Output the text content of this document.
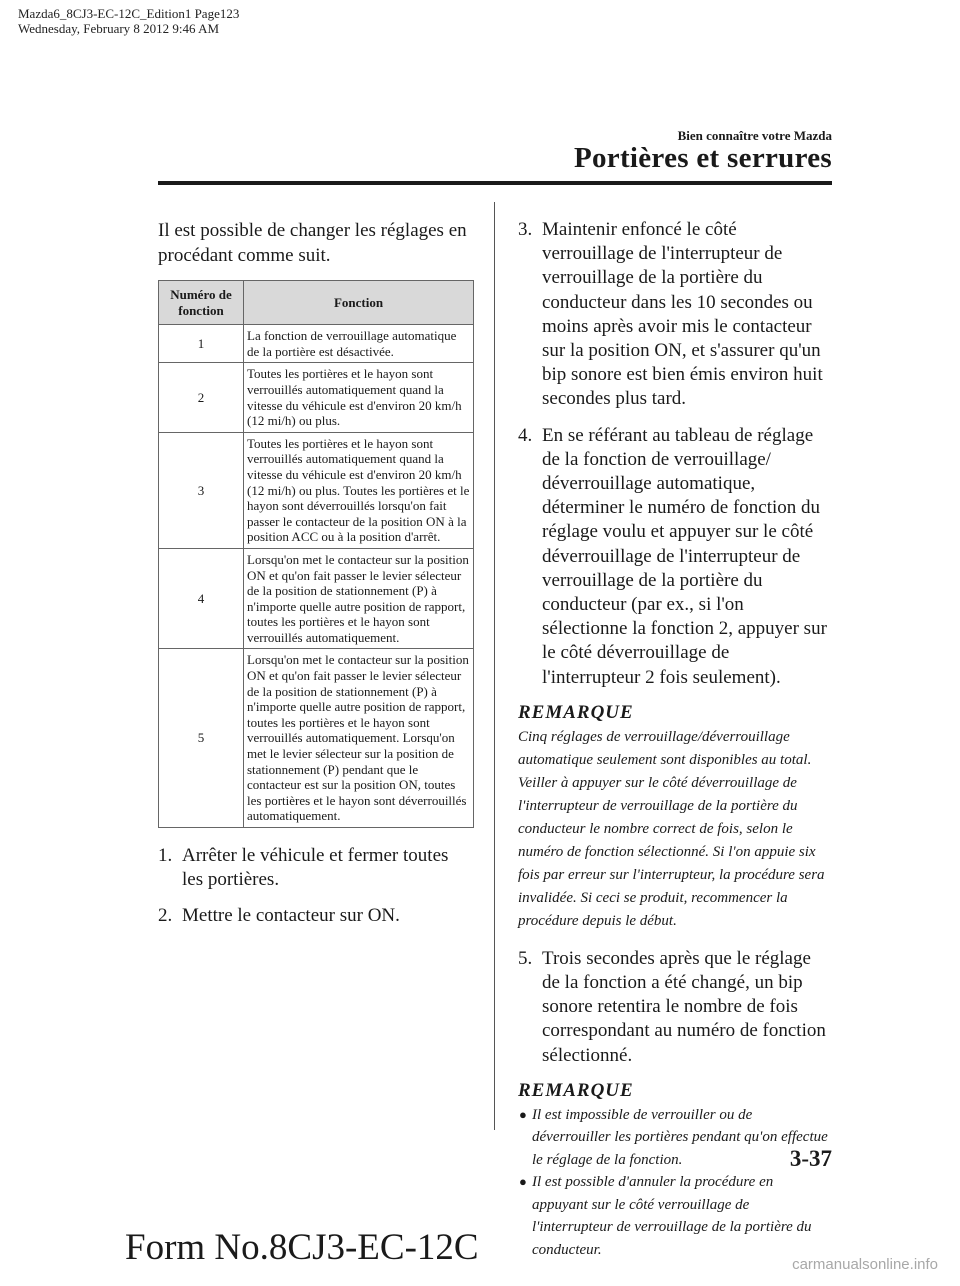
Mazda6_8CJ3-EC-12C_Edition1 Page123
Wednesday, February 8 2012 9:46 AM
Bien connaître votre Mazda
Portières et serrures

Il est possible de changer les réglages en procédant comme suit.

Numéro de fonction	Fonction
1	La fonction de verrouillage automatique de la portière est désactivée.
2	Toutes les portières et le hayon sont verrouillés automatiquement quand la vitesse du véhicule est d'environ 20 km/h (12 mi/h) ou plus.
3	Toutes les portières et le hayon sont verrouillés automatiquement quand la vitesse du véhicule est d'environ 20 km/h (12 mi/h) ou plus. Toutes les portières et le hayon sont déverrouillés lorsqu'on fait passer le contacteur de la position ON à la position ACC ou à la position d'arrêt.
4	Lorsqu'on met le contacteur sur la position ON et qu'on fait passer le levier sélecteur de la position de stationnement (P) à n'importe quelle autre position de rapport, toutes les portières et le hayon sont verrouillés automatiquement.
5	Lorsqu'on met le contacteur sur la position ON et qu'on fait passer le levier sélecteur de la position de stationnement (P) à n'importe quelle autre position de rapport, toutes les portières et le hayon sont verrouillés automatiquement. Lorsqu'on met le levier sélecteur sur la position de stationnement (P) pendant que le contacteur est sur la position ON, toutes les portières et le hayon sont déverrouillés automatiquement.
1. Arrêter le véhicule et fermer toutes les portières.
2. Mettre le contacteur sur ON.
3. Maintenir enfoncé le côté verrouillage de l'interrupteur de verrouillage de la portière du conducteur dans les 10 secondes ou moins après avoir mis le contacteur sur la position ON, et s'assurer qu'un bip sonore est bien émis environ huit secondes plus tard.
4. En se référant au tableau de réglage de la fonction de verrouillage/ déverrouillage automatique, déterminer le numéro de fonction du réglage voulu et appuyer sur le côté déverrouillage de l'interrupteur de verrouillage de la portière du conducteur (par ex., si l'on sélectionne la fonction 2, appuyer sur le côté déverrouillage de l'interrupteur 2 fois seulement).
REMARQUE

Cinq réglages de verrouillage/déverrouillage automatique seulement sont disponibles au total. Veiller à appuyer sur le côté déverrouillage de l'interrupteur de verrouillage de la portière du conducteur le nombre correct de fois, selon le numéro de fonction sélectionné. Si l'on appuie six fois par erreur sur l'interrupteur, la procédure sera invalidée. Si ceci se produit, recommencer la procédure depuis le début.

5. Trois secondes après que le réglage de la fonction a été changé, un bip sonore retentira le nombre de fois correspondant au numéro de fonction sélectionné.
REMARQUE
● Il est impossible de verrouiller ou de déverrouiller les portières pendant qu'on effectue le réglage de la fonction.
● Il est possible d'annuler la procédure en appuyant sur le côté verrouillage de l'interrupteur de verrouillage de la portière du conducteur.
3-37
Form No.8CJ3-EC-12C	carmanualsonline.info
